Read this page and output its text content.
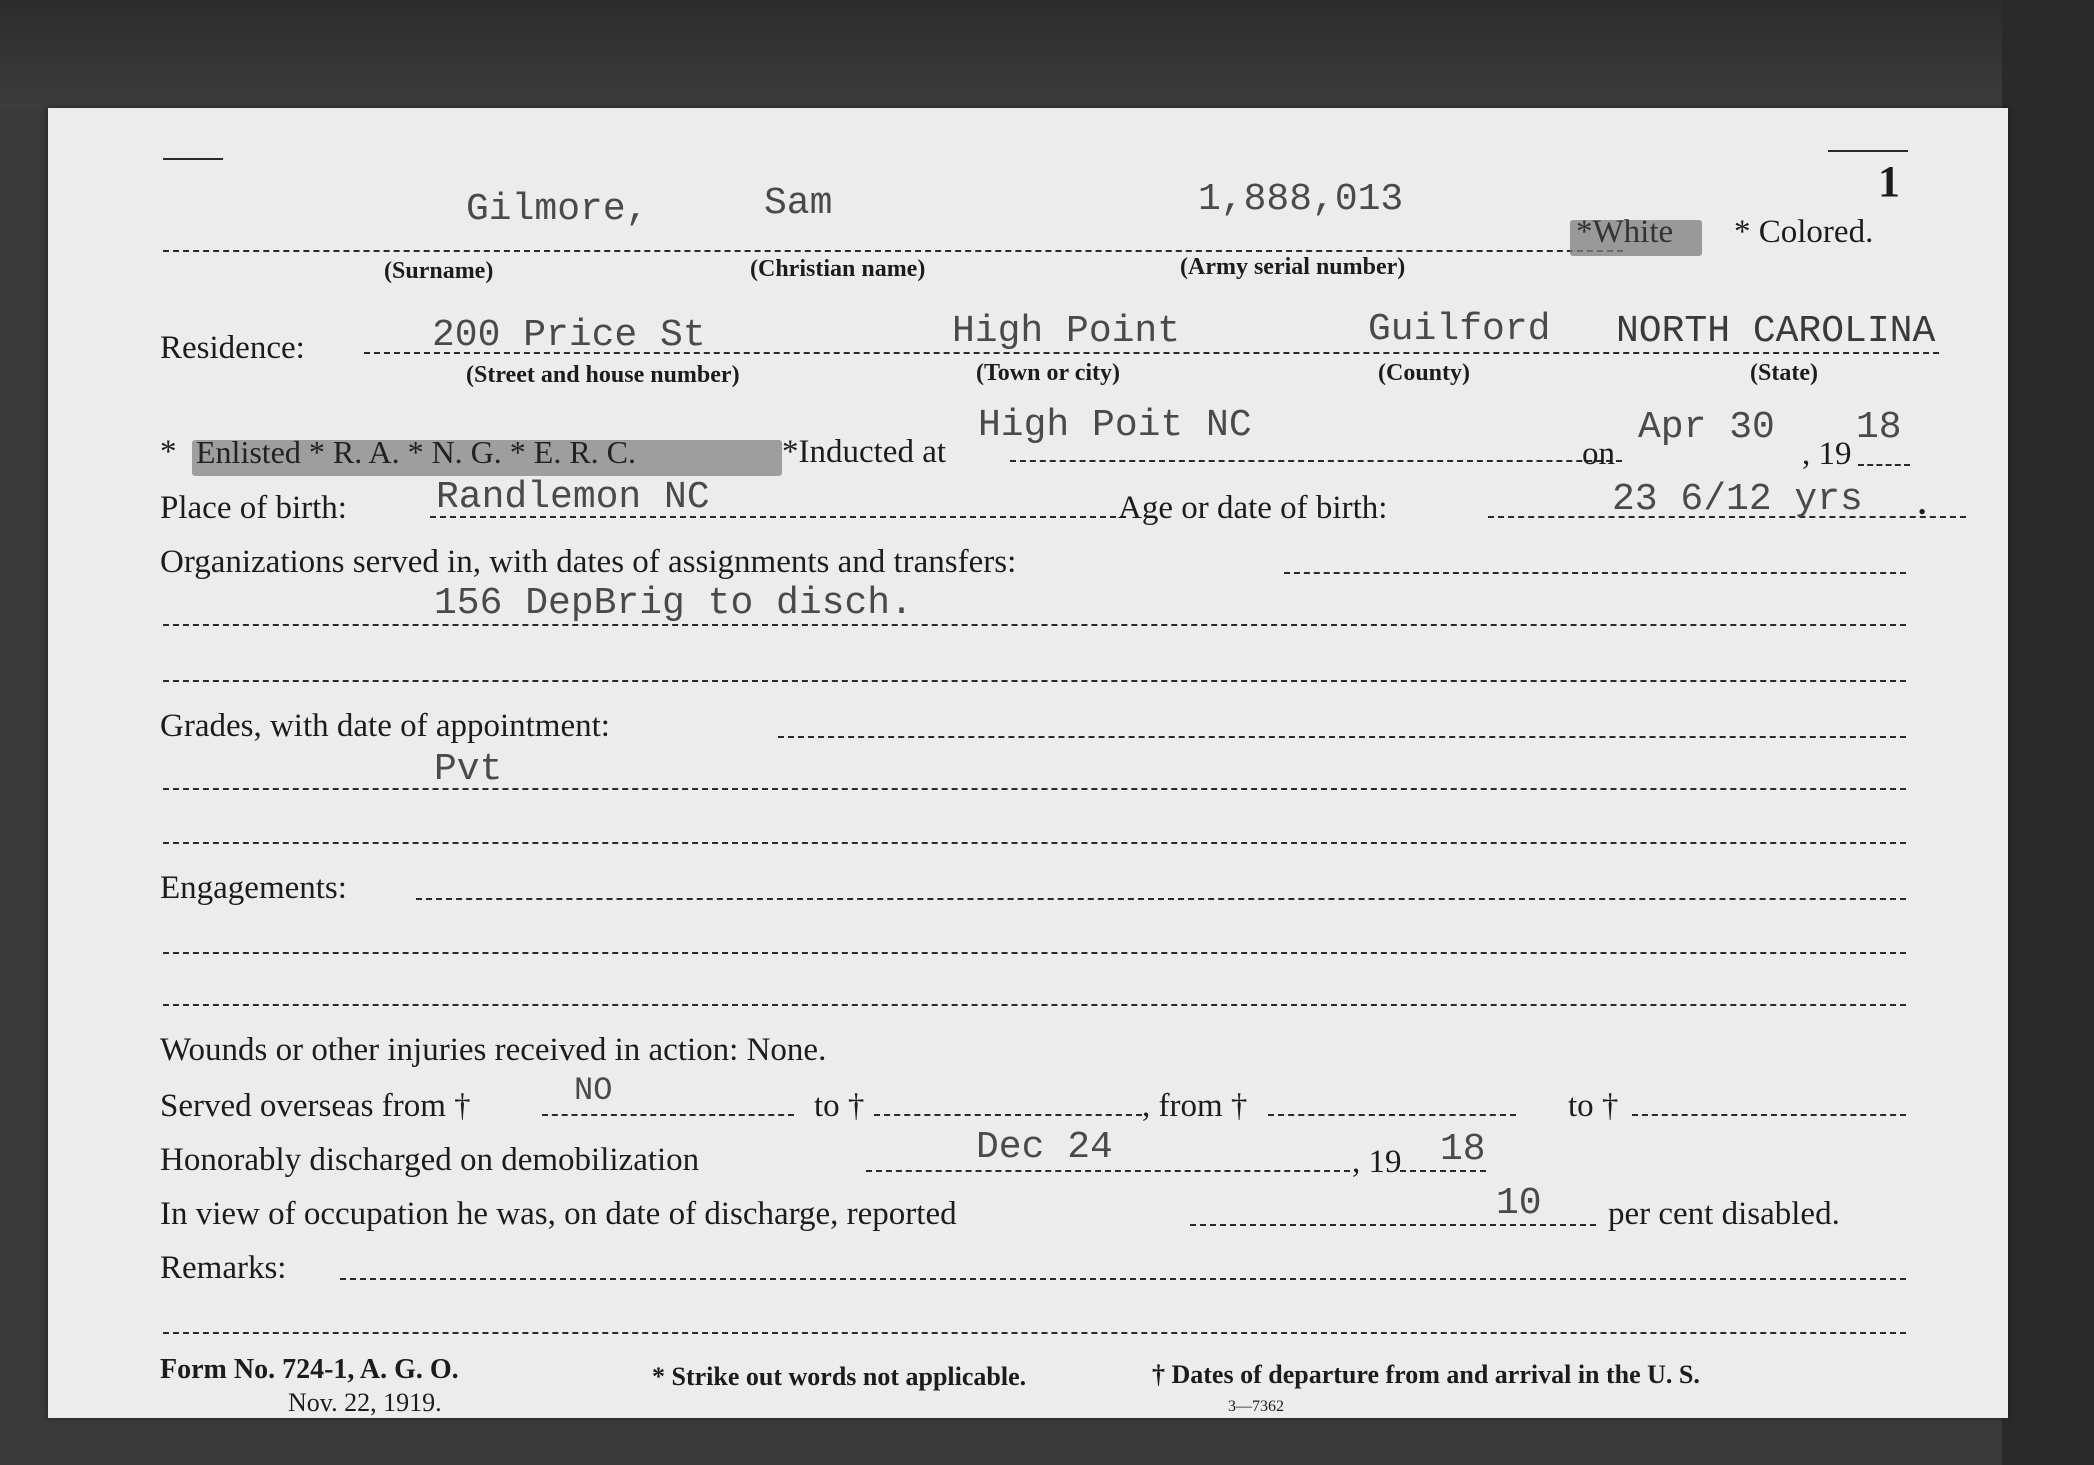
1
Gilmore,	Sam	1,888,013
*White * Colored.
(Surname)	(Christian name)	(Army serial number)
Residence:	200 Price St	High Point	Guilford NORTH CAROLINA
(Street and house number)	(Town or city)	(County)	(State)
* Enlisted * R. A. * N. G. * E. R. C.	*Inducted at
High Poit NC
on
Apr 30
, 19
18
Place of birth: Randlemon NC	Age or date of birth:	23 6/12 yrs .
Organizations served in, with dates of assignments and transfers:
156 DepBrig to disch.
Grades, with date of appointment:
Pvt
Engagements:
Wounds or other injuries received in action: None.
Served overseas from †	NO	to †	, from †	to †
Honorably discharged on demobilization	Dec 24	, 19 18
In view of occupation he was, on date of discharge, reported	10 per cent disabled.
Remarks:
Form No. 724-1, A. G. O.
Nov. 22, 1919.
* Strike out words not applicable.	† Dates of departure from and arrival in the U. S.
3—7362
